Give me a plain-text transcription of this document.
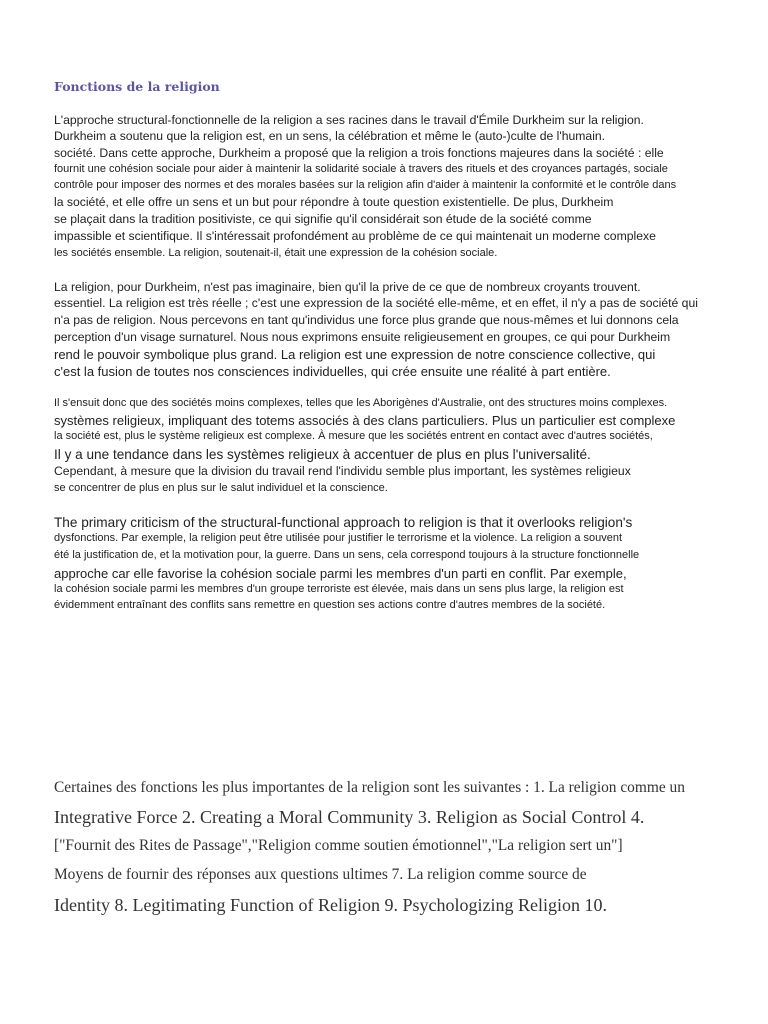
Fonctions de la religion

L'approche structural-fonctionnelle de la religion a ses racines dans le travail d'Émile Durkheim sur la religion.

Durkheim a soutenu que la religion est, en un sens, la célébration et même le (auto-)culte de l'humain.

société. Dans cette approche, Durkheim a proposé que la religion a trois fonctions majeures dans la société : elle

fournit une cohésion sociale pour aider à maintenir la solidarité sociale à travers des rituels et des croyances partagés, sociale

contrôle pour imposer des normes et des morales basées sur la religion afin d'aider à maintenir la conformité et le contrôle dans

la société, et elle offre un sens et un but pour répondre à toute question existentielle. De plus, Durkheim

se plaçait dans la tradition positiviste, ce qui signifie qu'il considérait son étude de la société comme

impassible et scientifique. Il s'intéressait profondément au problème de ce qui maintenait un moderne complexe

les sociétés ensemble. La religion, soutenait-il, était une expression de la cohésion sociale.

La religion, pour Durkheim, n'est pas imaginaire, bien qu'il la prive de ce que de nombreux croyants trouvent.

essentiel. La religion est très réelle ; c'est une expression de la société elle-même, et en effet, il n'y a pas de société qui

n'a pas de religion. Nous percevons en tant qu'individus une force plus grande que nous-mêmes et lui donnons cela

perception d'un visage surnaturel. Nous nous exprimons ensuite religieusement en groupes, ce qui pour Durkheim

rend le pouvoir symbolique plus grand. La religion est une expression de notre conscience collective, qui

c'est la fusion de toutes nos consciences individuelles, qui crée ensuite une réalité à part entière.

Il s'ensuit donc que des sociétés moins complexes, telles que les Aborigènes d'Australie, ont des structures moins complexes.

systèmes religieux, impliquant des totems associés à des clans particuliers. Plus un particulier est complexe

la société est, plus le système religieux est complexe. À mesure que les sociétés entrent en contact avec d'autres sociétés,

Il y a une tendance dans les systèmes religieux à accentuer de plus en plus l'universalité.

Cependant, à mesure que la division du travail rend l'individu semble plus important, les systèmes religieux

se concentrer de plus en plus sur le salut individuel et la conscience.

The primary criticism of the structural-functional approach to religion is that it overlooks religion's

dysfonctions. Par exemple, la religion peut être utilisée pour justifier le terrorisme et la violence. La religion a souvent

été la justification de, et la motivation pour, la guerre. Dans un sens, cela correspond toujours à la structure fonctionnelle

approche car elle favorise la cohésion sociale parmi les membres d'un parti en conflit. Par exemple,

la cohésion sociale parmi les membres d'un groupe terroriste est élevée, mais dans un sens plus large, la religion est

évidemment entraînant des conflits sans remettre en question ses actions contre d'autres membres de la société.

Certaines des fonctions les plus importantes de la religion sont les suivantes : 1. La religion comme un

Integrative Force 2. Creating a Moral Community 3. Religion as Social Control 4.

["Fournit des Rites de Passage","Religion comme soutien émotionnel","La religion sert un"]

Moyens de fournir des réponses aux questions ultimes 7. La religion comme source de

Identity 8. Legitimating Function of Religion 9. Psychologizing Religion 10.
